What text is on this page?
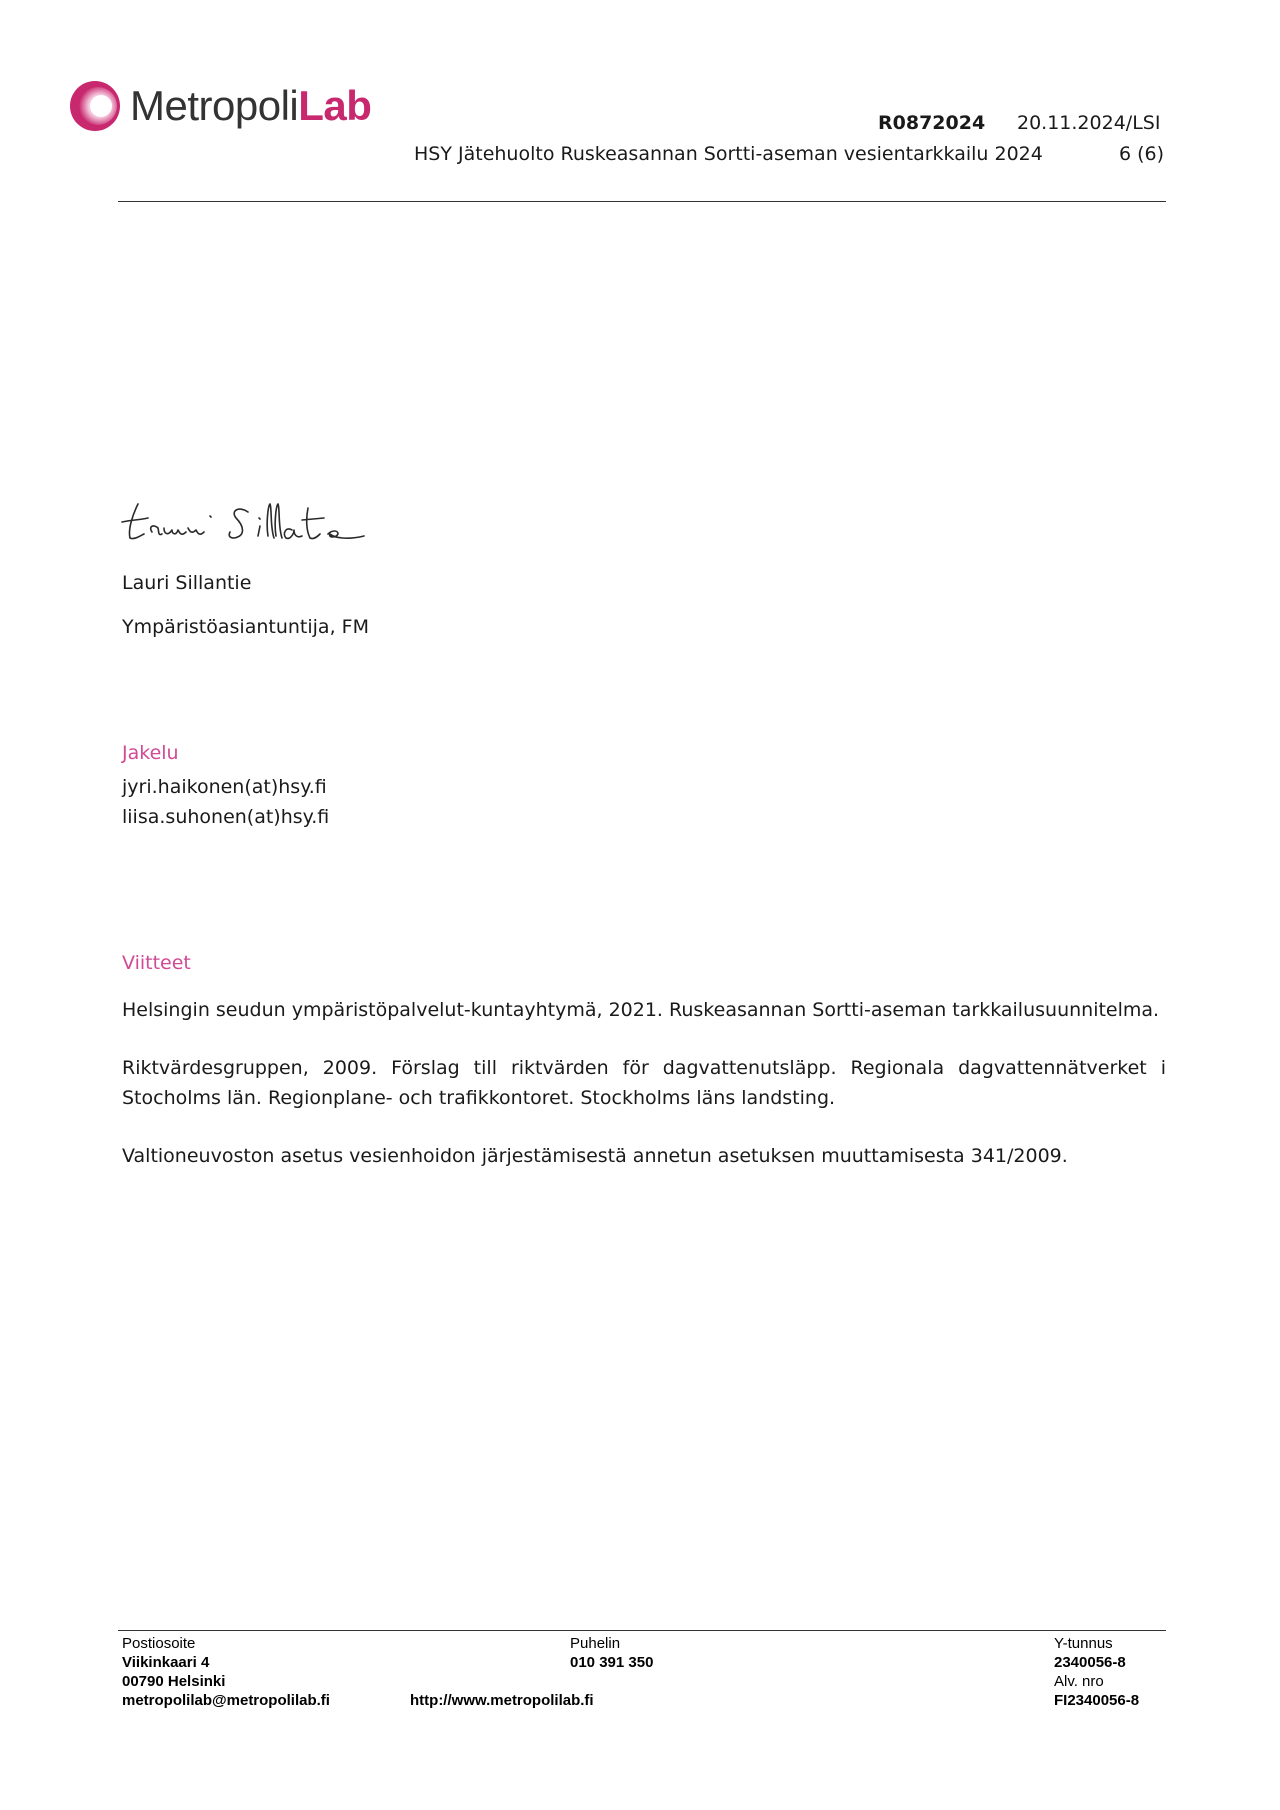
MetropoliLab	R0872024 20.11.2024/LSI
HSY Jätehuolto Ruskeasannan Sortti-aseman vesientarkkailu 2024	6 (6)
Lauri Sillantie
Ympäristöasiantuntija, FM
Jakelu
jyri.haikonen(at)hsy.fi
liisa.suhonen(at)hsy.fi
Viitteet

Helsingin seudun ympäristöpalvelut-kuntayhtymä, 2021. Ruskeasannan Sortti-aseman tarkkailusuunnitelma.

Riktvärdesgruppen, 2009. Förslag till riktvärden för dagvattenutsläpp. Regionala dagvattennätverket i Stocholms län. Regionplane- och trafikkontoret. Stockholms läns landsting.

Valtioneuvoston asetus vesienhoidon järjestämisestä annetun asetuksen muuttamisesta 341/2009.

Postiosoite
Viikinkaari 4
00790 Helsinki
metropolilab@metropolilab.fi
Puhelin
010 391 350
http://www.metropolilab.fi
Y-tunnus
2340056-8
Alv. nro
FI2340056-8
